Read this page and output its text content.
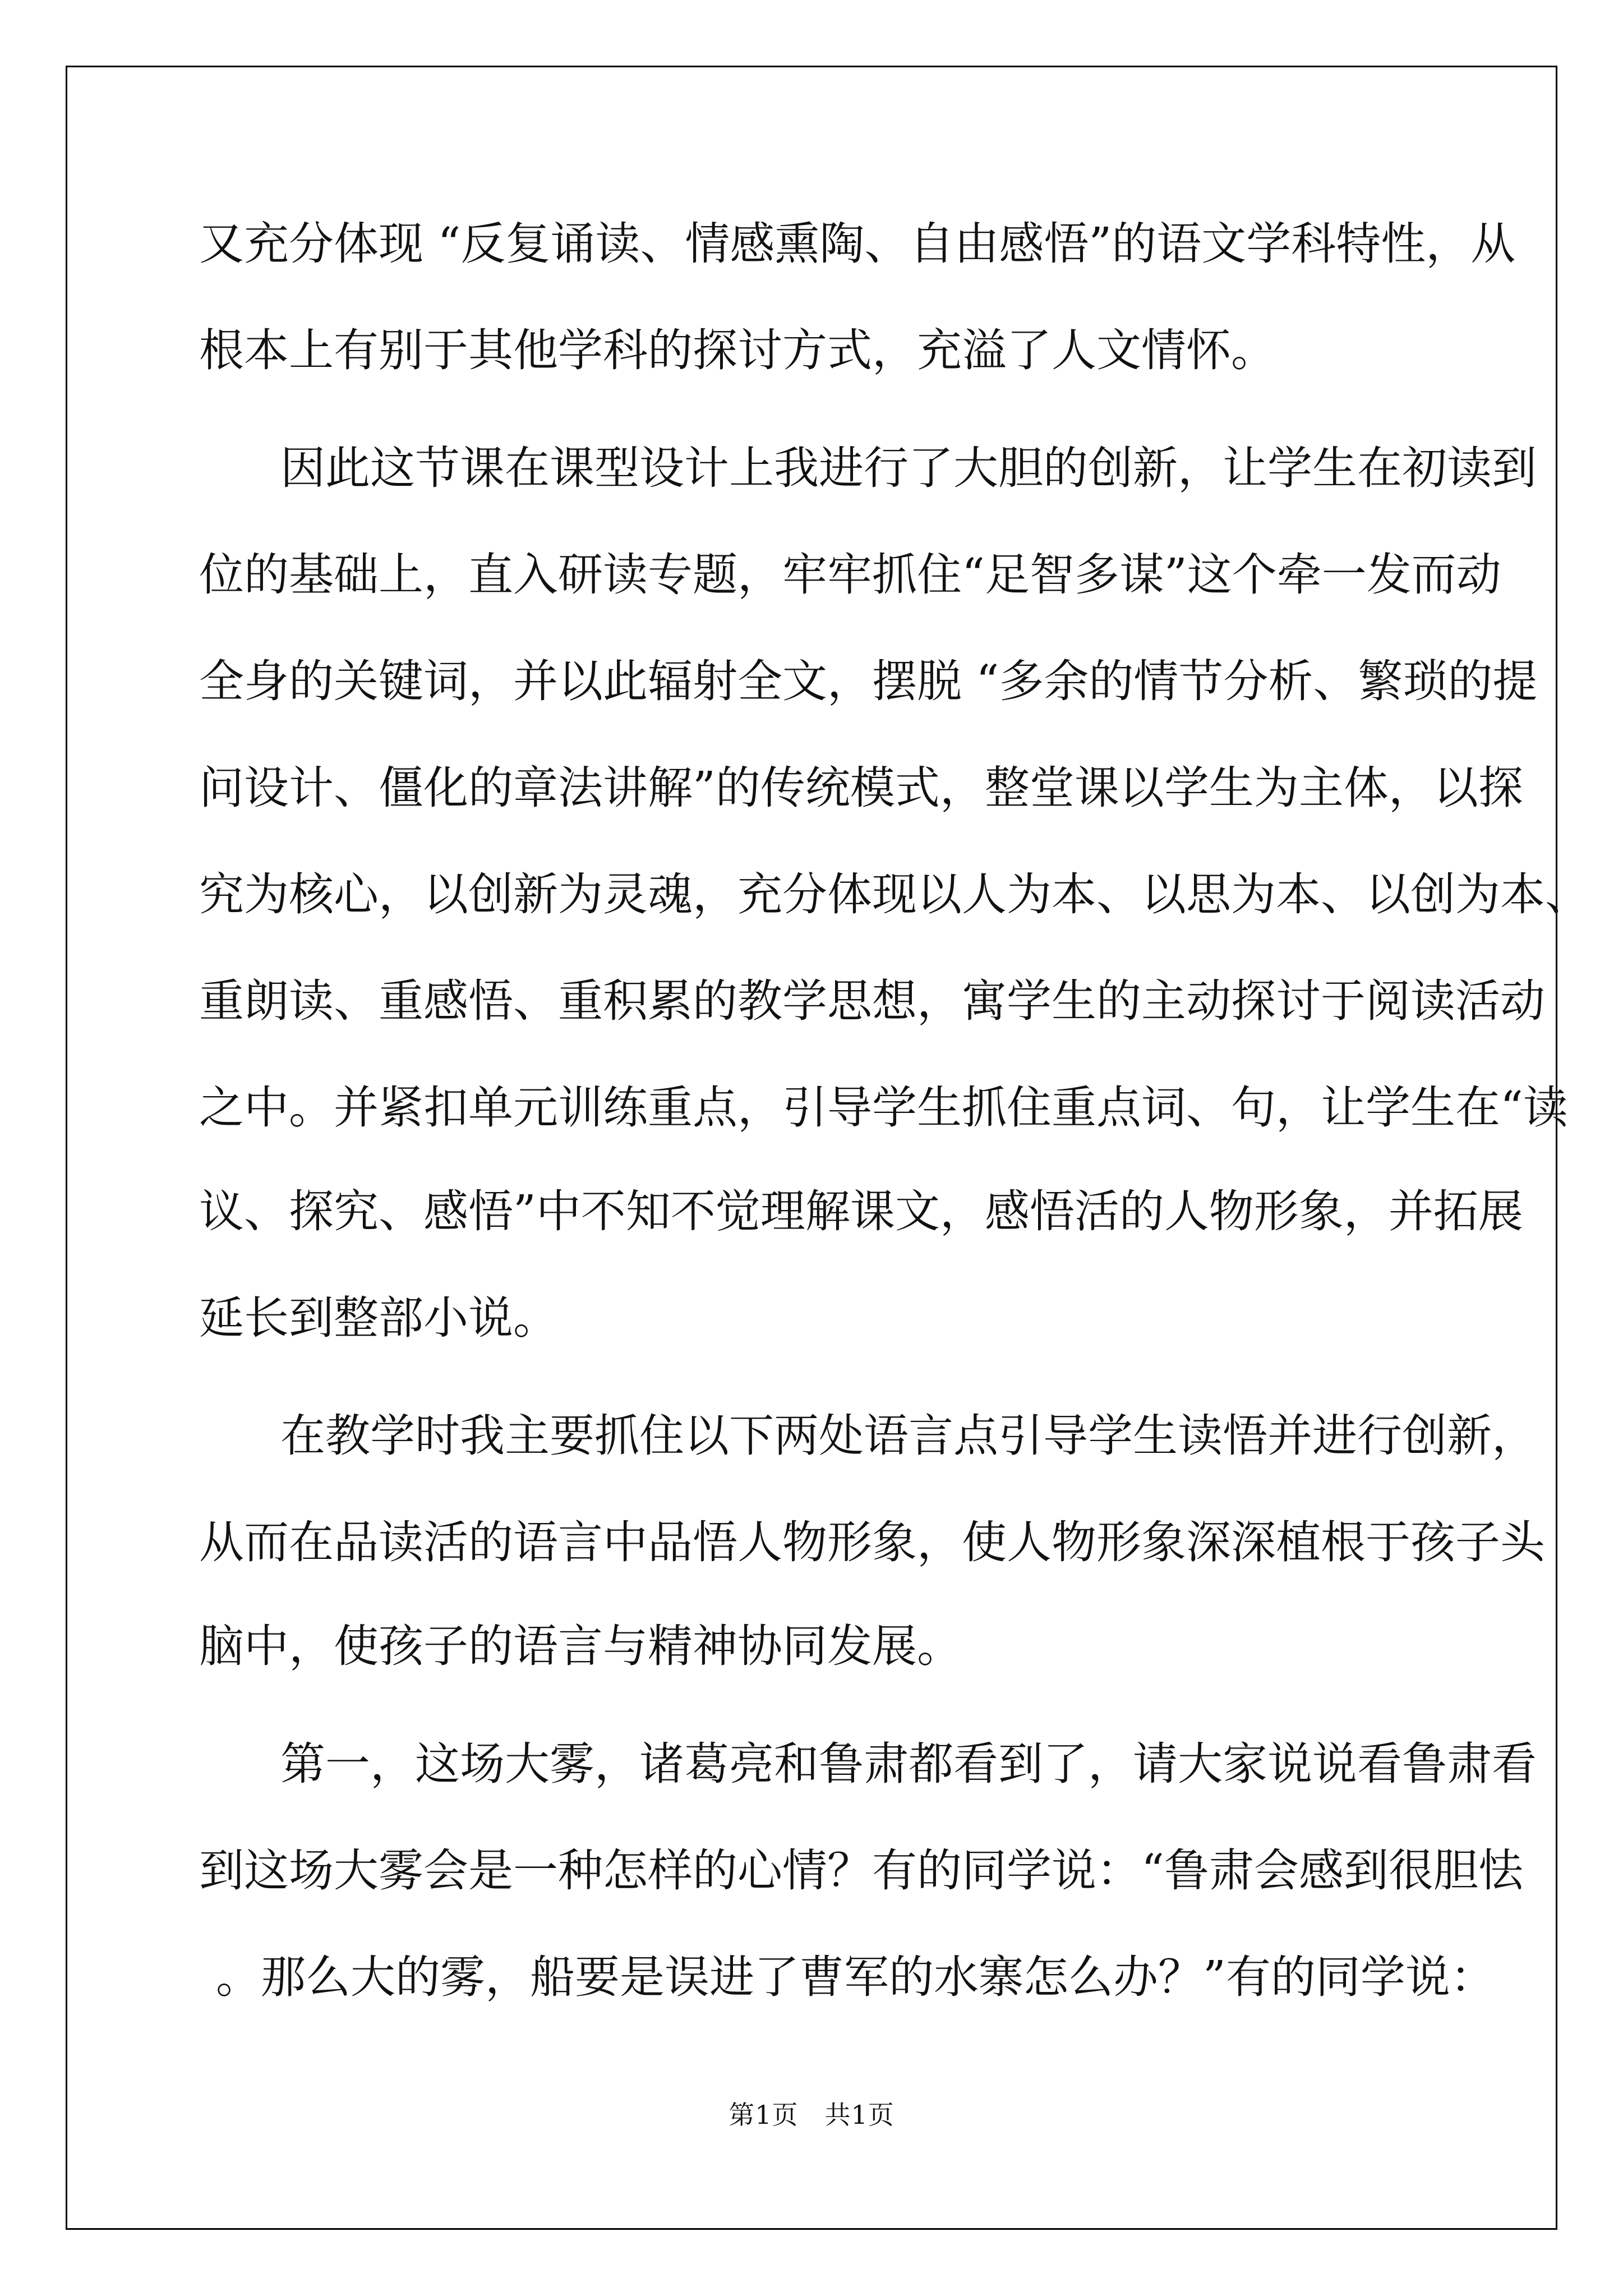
又充分体现 “反复诵读、情感熏陶、自由感悟”的语文学科特性，从
根本上有别于其他学科的探讨方式，充溢了人文情怀。
因此这节课在课型设计上我进行了大胆的创新，让学生在初读到
位的基础上，直入研读专题，牢牢抓住“足智多谋”这个牵一发而动
全身的关键词，并以此辐射全文，摆脱 “多余的情节分析、繁琐的提
问设计、僵化的章法讲解”的传统模式，整堂课以学生为主体，以探
究为核心，以创新为灵魂，充分体现以人为本、以思为本、以创为本、
重朗读、重感悟、重积累的教学思想，寓学生的主动探讨于阅读活动
之中。并紧扣单元训练重点，引导学生抓住重点词、句，让学生在“读
议、探究、感悟”中不知不觉理解课文，感悟活的人物形象，并拓展
延长到整部小说。
在教学时我主要抓住以下两处语言点引导学生读悟并进行创新，
从而在品读活的语言中品悟人物形象，使人物形象深深植根于孩子头
脑中，使孩子的语言与精神协同发展。
第一，这场大雾，诸葛亮和鲁肃都看到了，请大家说说看鲁肃看
到这场大雾会是一种怎样的心情？有的同学说：“鲁肃会感到很胆怯
。那么大的雾，船要是误进了曹军的水寨怎么办？”有的同学说：
第1页　共1页
